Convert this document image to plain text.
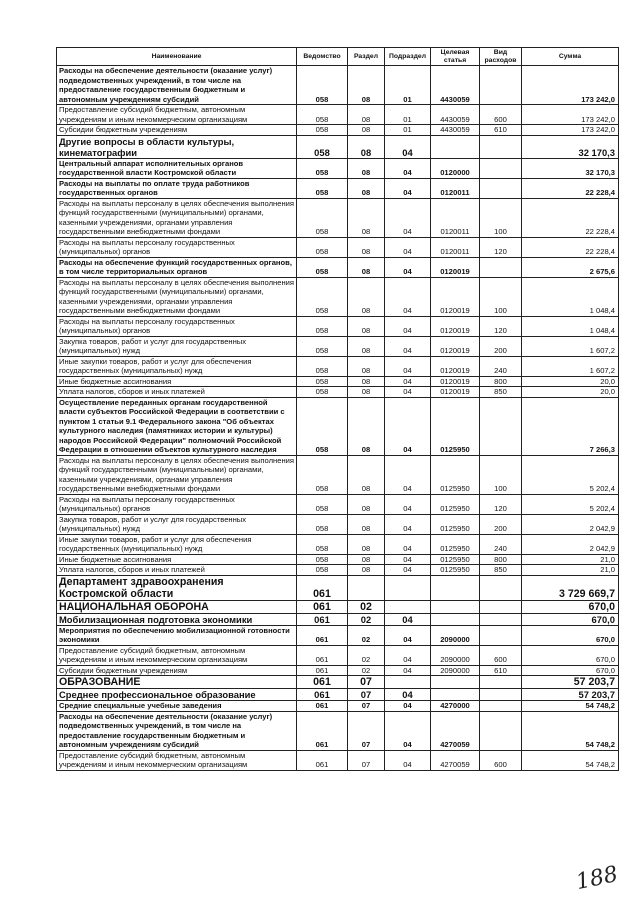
Наименование	Ведомство	Раздел	Подраздел	Целевая статья	Вид расходов	Сумма
Расходы на обеспечение деятельности (оказание услуг) подведомственных учреждений, в том числе на предоставление государственным бюджетным и автономным учреждениям субсидий	058	08	01	4430059		173 242,0
Предоставление субсидий бюджетным, автономным учреждениям и иным некоммерческим организациям	058	08	01	4430059	600	173 242,0
Субсидии бюджетным учреждениям	058	08	01	4430059	610	173 242,0
Другие вопросы в области культуры, кинематографии	058	08	04			32 170,3
Центральный аппарат исполнительных органов государственной власти Костромской области	058	08	04	0120000		32 170,3
Расходы на выплаты по оплате труда работников государственных органов	058	08	04	0120011		22 228,4
Расходы на выплаты персоналу в целях обеспечения выполнения функций государственными (муниципальными) органами, казенными учреждениями, органами управления государственными внебюджетными фондами	058	08	04	0120011	100	22 228,4
Расходы на выплаты персоналу государственных (муниципальных) органов	058	08	04	0120011	120	22 228,4
Расходы на обеспечение функций государственных органов, в том числе территориальных органов	058	08	04	0120019		2 675,6
Расходы на выплаты персоналу в целях обеспечения выполнения функций государственными (муниципальными) органами, казенными учреждениями, органами управления государственными внебюджетными фондами	058	08	04	0120019	100	1 048,4
Расходы на выплаты персоналу государственных (муниципальных) органов	058	08	04	0120019	120	1 048,4
Закупка товаров, работ и услуг для государственных (муниципальных) нужд	058	08	04	0120019	200	1 607,2
Иные закупки товаров, работ и услуг для обеспечения государственных (муниципальных) нужд	058	08	04	0120019	240	1 607,2
Иные бюджетные ассигнования	058	08	04	0120019	800	20,0
Уплата налогов, сборов и иных платежей	058	08	04	0120019	850	20,0
Осуществление переданных органам государственной власти субъектов Российской Федерации в соответствии с пунктом 1 статьи 9.1 Федерального закона "Об объектах культурного наследия (памятниках истории и культуры) народов Российской Федерации" полномочий Российской Федерации в отношении объектов культурного наследия	058	08	04	0125950		7 266,3
Расходы на выплаты персоналу в целях обеспечения выполнения функций государственными (муниципальными) органами, казенными учреждениями, органами управления государственными внебюджетными фондами	058	08	04	0125950	100	5 202,4
Расходы на выплаты персоналу государственных (муниципальных) органов	058	08	04	0125950	120	5 202,4
Закупка товаров, работ и услуг для государственных (муниципальных) нужд	058	08	04	0125950	200	2 042,9
Иные закупки товаров, работ и услуг для обеспечения государственных (муниципальных) нужд	058	08	04	0125950	240	2 042,9
Иные бюджетные ассигнования	058	08	04	0125950	800	21,0
Уплата налогов, сборов и иных платежей	058	08	04	0125950	850	21,0
Департамент здравоохранения Костромской области	061					3 729 669,7
НАЦИОНАЛЬНАЯ ОБОРОНА	061	02				670,0
Мобилизационная подготовка экономики	061	02	04			670,0
Мероприятия по обеспечению мобилизационной готовности экономики	061	02	04	2090000		670,0
Предоставление субсидий бюджетным, автономным учреждениям и иным некоммерческим организациям	061	02	04	2090000	600	670,0
Субсидии бюджетным учреждениям	061	02	04	2090000	610	670,0
ОБРАЗОВАНИЕ	061	07				57 203,7
Среднее профессиональное образование	061	07	04			57 203,7
Средние специальные учебные заведения	061	07	04	4270000		54 748,2
Расходы на обеспечение деятельности (оказание услуг) подведомственных учреждений, в том числе на предоставление государственным бюджетным и автономным учреждениям субсидий	061	07	04	4270059		54 748,2
Предоставление субсидий бюджетным, автономным учреждениям и иным некоммерческим организациям	061	07	04	4270059	600	54 748,2
188
